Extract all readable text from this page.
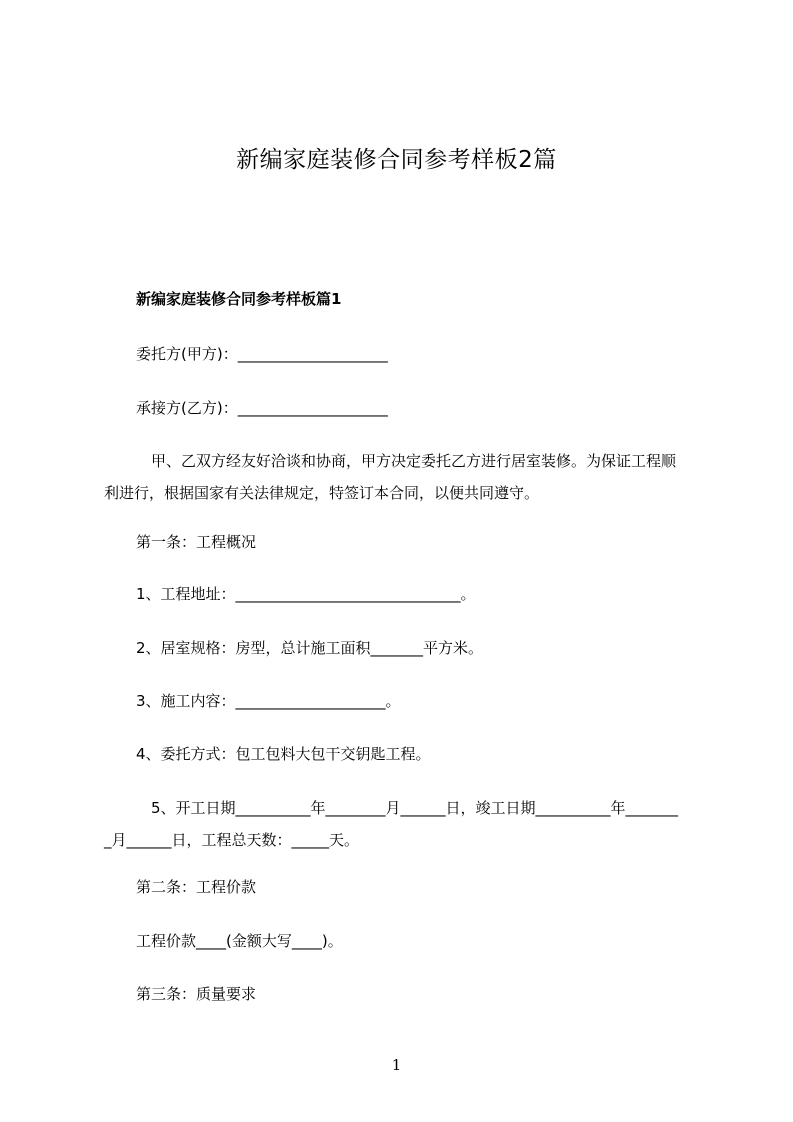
新编家庭装修合同参考样板2篇
新编家庭装修合同参考样板篇1
委托方(甲方)：____________________
承接方(乙方)：____________________
　甲、乙双方经友好洽谈和协商，甲方决定委托乙方进行居室装修。为保证工程顺
利进行，根据国家有关法律规定，特签订本合同，以便共同遵守。
第一条：工程概况
1、工程地址：______________________________。
2、居室规格：房型，总计施工面积_______平方米。
3、施工内容：____________________。
4、委托方式：包工包料大包干交钥匙工程。
　5、开工日期__________年________月______日，竣工日期__________年_______
_月______日，工程总天数：_____天。
第二条：工程价款
工程价款____(金额大写____)。
第三条：质量要求
1
